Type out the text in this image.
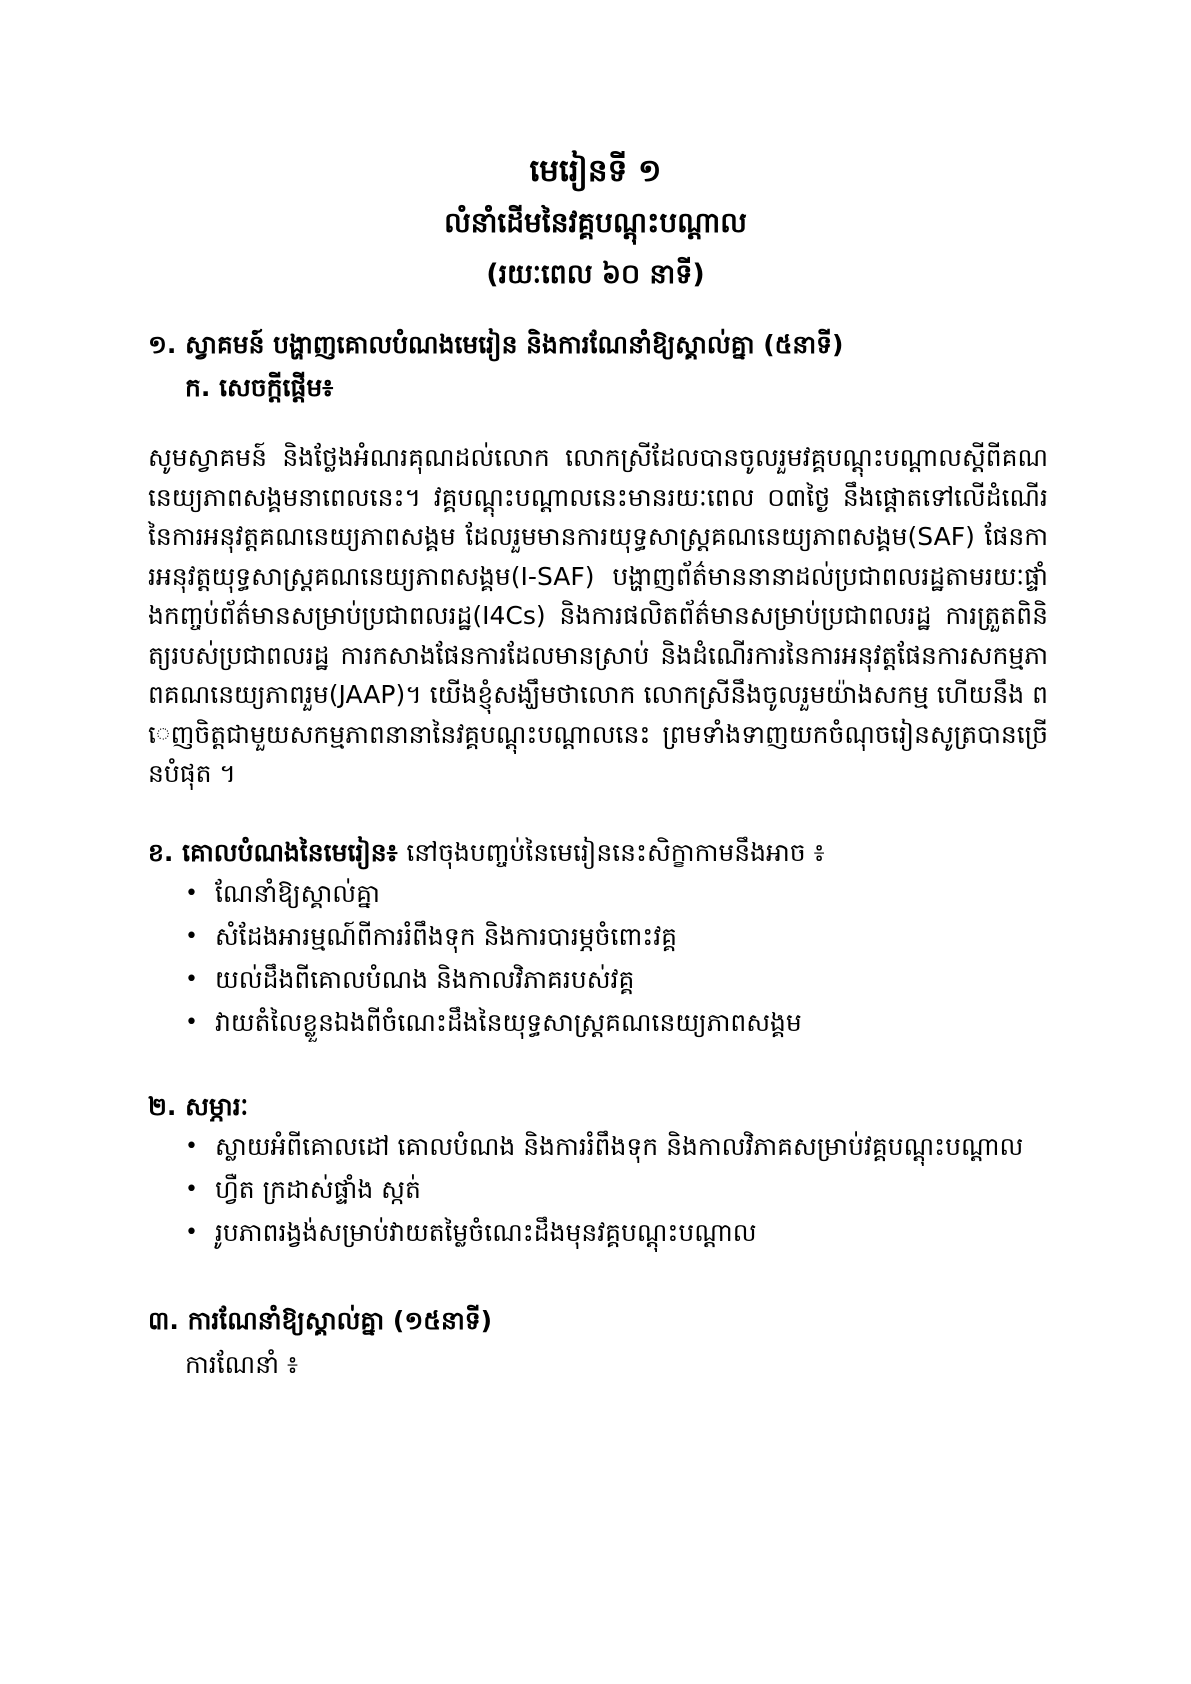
មេរៀនទី ១
លំនាំដើមនៃវគ្គបណ្តុះបណ្តាល
(រយៈពេល ៦០ នាទី)
១. ស្វាគមន៍ បង្ហាញគោលបំណងមេរៀន និងការណែនាំឱ្យស្គាល់គ្នា (៥នាទី)
ក. សេចក្តីផ្តើម៖

សូមស្វាគមន៍ និងថ្លែងអំណរគុណដល់លោក លោកស្រីដែលបានចូលរួមវគ្គបណ្តុះបណ្តាលស្តីពីគណនេយ្យភាពសង្គមនាពេលនេះ។ វគ្គបណ្តុះបណ្តាលនេះមានរយៈពេល ០៣ថ្ងៃ នឹងផ្តោតទៅលើដំណើរនៃការអនុវត្តគណនេយ្យភាពសង្គម ដែលរួមមានការយុទ្ធសាស្ត្រគណនេយ្យភាពសង្គម(SAF) ផែនការអនុវត្តយុទ្ធសាស្ត្រគណនេយ្យភាពសង្គម(I-SAF) បង្ហាញព័ត៌មាននានាដល់ប្រជាពលរដ្ឋតាមរយៈផ្ទាំងកញ្ចប់ព័ត៌មានសម្រាប់ប្រជាពលរដ្ឋ(I4Cs) និងការផលិតព័ត៌មានសម្រាប់ប្រជាពលរដ្ឋ ការត្រួតពិនិត្យរបស់ប្រជាពលរដ្ឋ ការកសាងផែនការដែលមានស្រាប់ និងដំណើរការនៃការអនុវត្តផែនការសកម្មភាពគណនេយ្យភាពរួម(JAAP)។ យើងខ្ញុំសង្ឃឹមថាលោក លោកស្រីនឹងចូលរួមយ៉ាងសកម្ម ហើយនឹង ពេញចិត្តជាមួយសកម្មភាពនានានៃវគ្គបណ្តុះបណ្តាលនេះ ព្រមទាំងទាញយកចំណុចរៀនសូត្របានច្រើនបំផុត ។

ខ. គោលបំណងនៃមេរៀន៖ នៅចុងបញ្ចប់នៃមេរៀននេះសិក្ខាកាមនឹងអាច ៖
• ណែនាំឱ្យស្គាល់គ្នា
• សំដែងអារម្មណ៍ពីការរំពឹងទុក និងការបារម្ភចំពោះវគ្គ
• យល់ដឹងពីគោលបំណង និងកាលវិភាគរបស់វគ្គ
• វាយតំលៃខ្លួនឯងពីចំណេះដឹងនៃយុទ្ធសាស្ត្រគណនេយ្យភាពសង្គម
២. សម្ភារៈ
• ស្លាយអំពីគោលដៅ គោលបំណង និងការរំពឹងទុក និងកាលវិភាគសម្រាប់វគ្គបណ្តុះបណ្តាល
• ហ្វឺត ក្រដាស់ផ្ទាំង ស្កត់
• រូបភាពរង្វង់សម្រាប់វាយតម្លៃចំណេះដឹងមុនវគ្គបណ្តុះបណ្តាល
៣. ការណែនាំឱ្យស្គាល់គ្នា (១៥នាទី)
ការណែនាំ ៖
